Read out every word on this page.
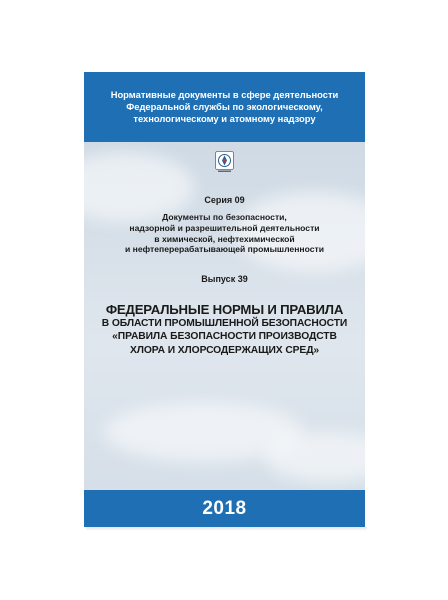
Нормативные документы в сфере деятельности
Федеральной службы по экологическому,
технологическому и атомному надзору
Серия 09
Документы по безопасности,
надзорной и разрешительной деятельности
в химической, нефтехимической
и нефтеперерабатывающей промышленности
Выпуск 39
ФЕДЕРАЛЬНЫЕ НОРМЫ И ПРАВИЛА
В ОБЛАСТИ ПРОМЫШЛЕННОЙ БЕЗОПАСНОСТИ
«ПРАВИЛА БЕЗОПАСНОСТИ ПРОИЗВОДСТВ
ХЛОРА И ХЛОРСОДЕРЖАЩИХ СРЕД»
2018
